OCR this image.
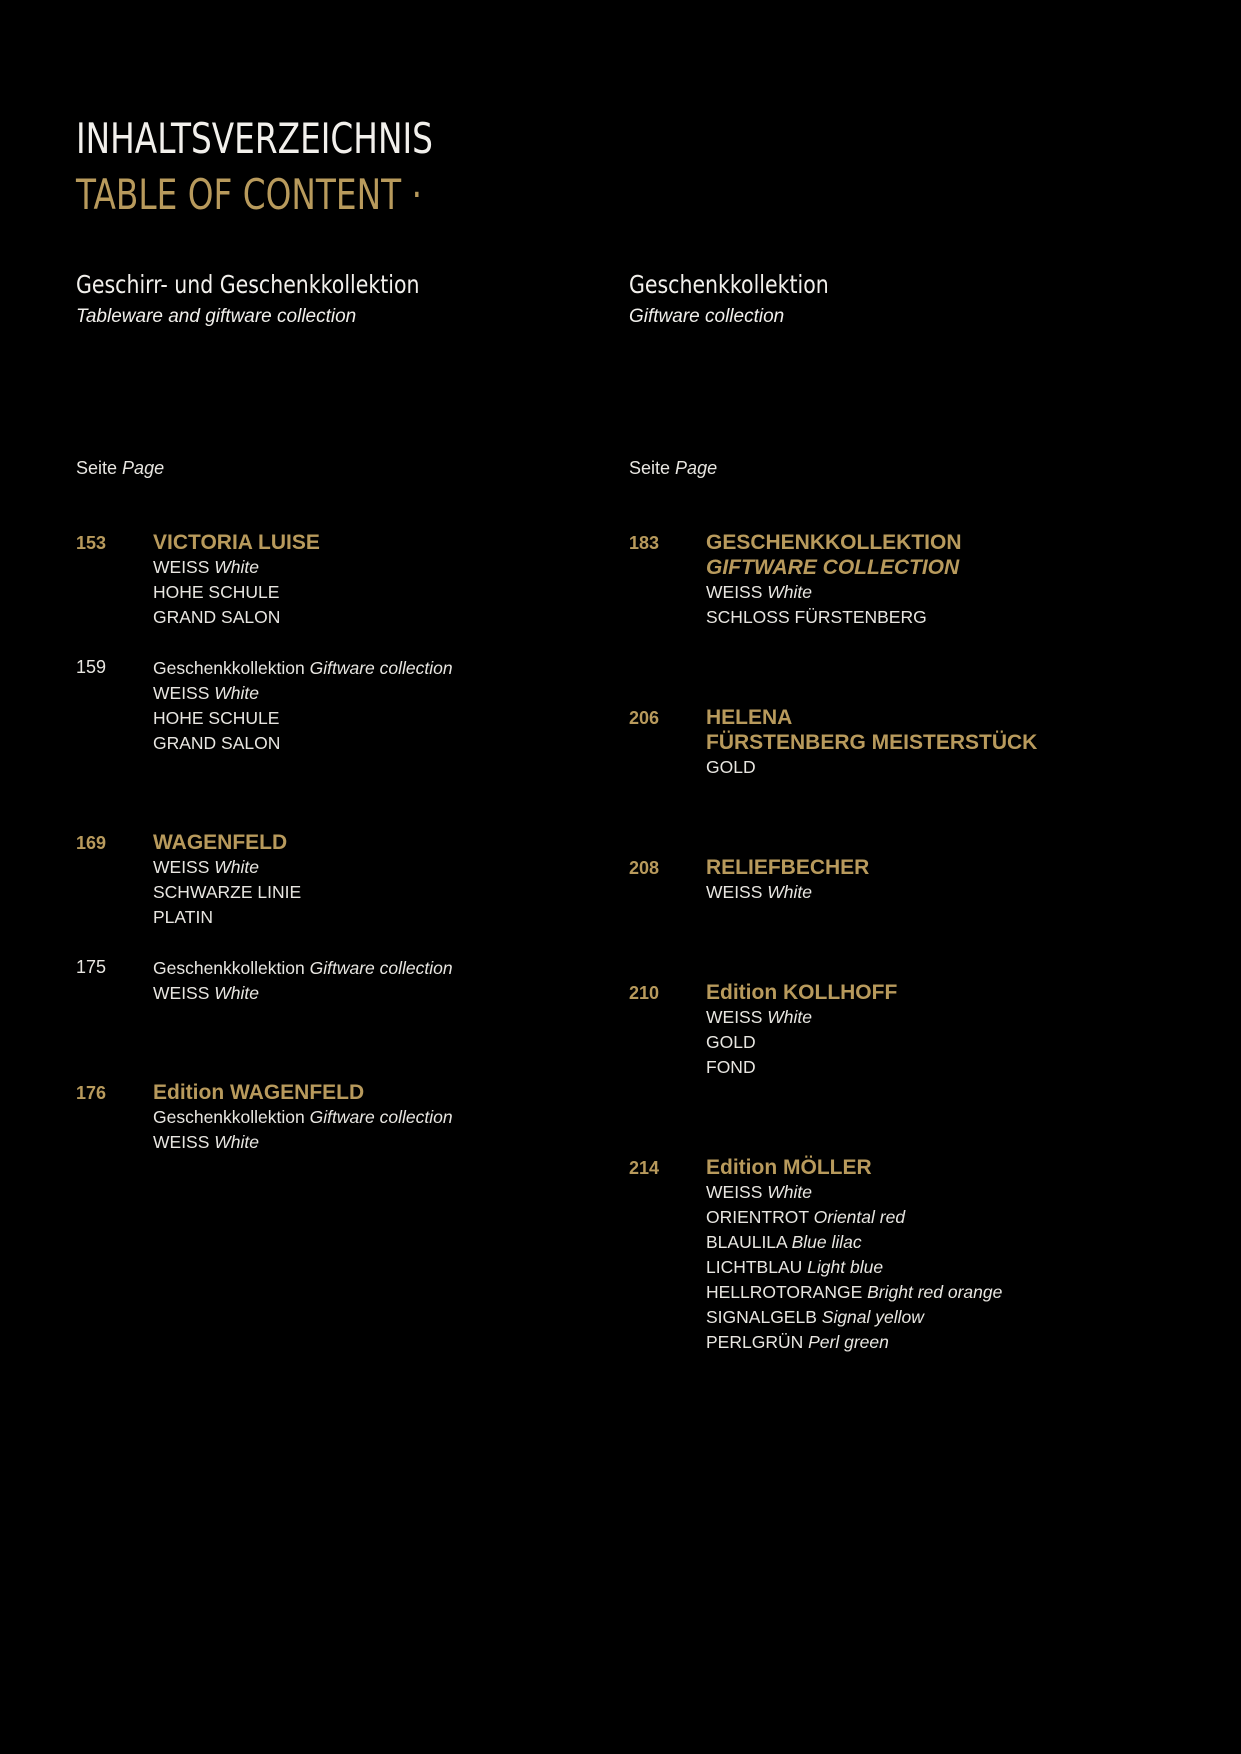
INHALTSVERZEICHNIS
TABLE OF CONTENT ·
Geschirr- und Geschenkkollektion
Tableware and giftware collection
Seite Page
153 VICTORIA LUISE
WEISS White
HOHE SCHULE
GRAND SALON
159	Geschenkkollektion Giftware collection
WEISS White
HOHE SCHULE
GRAND SALON
169 WAGENFELD
WEISS White
SCHWARZE LINIE
PLATIN
175	Geschenkkollektion Giftware collection
WEISS White
176 Edition WAGENFELD
Geschenkkollektion Giftware collection
WEISS White
Geschenkkollektion
Giftware collection
Seite Page
183 GESCHENKKOLLEKTION
GIFTWARE COLLECTION
WEISS White
SCHLOSS FÜRSTENBERG
206 HELENA
FÜRSTENBERG MEISTERSTÜCK
GOLD
208 RELIEFBECHER
WEISS White
210 Edition KOLLHOFF
WEISS White
GOLD
FOND
214 Edition MÖLLER
WEISS White
ORIENTROT Oriental red
BLAULILA Blue lilac
LICHTBLAU Light blue
HELLROTORANGE Bright red orange
SIGNALGELB Signal yellow
PERLGRÜN Perl green
